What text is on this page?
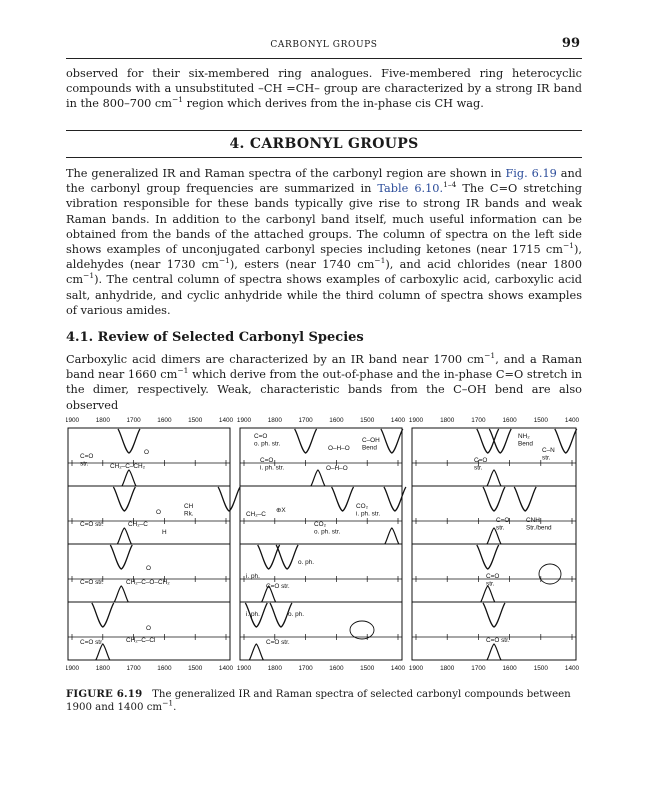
CARBONYL GROUPS	99

observed for their six-membered ring analogues. Five-membered ring heterocyclic compounds with a unsubstituted –CH =CH– group are characterized by a strong IR band in the 800–700 $cm^{-1}$ region which derives from the in-phase cis CH wag.

4. CARBONYL GROUPS

The generalized IR and Raman spectra of the carbonyl region are shown in Fig. 6.19 and the carbonyl group frequencies are summarized in Table 6.10.$^{1-4}$ The C=O stretching vibration responsible for these bands typically give rise to strong IR bands and weak Raman bands. In addition to the carbonyl band itself, much useful information can be obtained from the bands of the attached groups. The column of spectra on the left side shows examples of unconjugated carbonyl species including ketones (near 1715 $cm^{-1}$), aldehydes (near 1730 $cm^{-1}$), esters (near 1740 $cm^{-1}$), and acid chlorides (near 1800 $cm^{-1}$). The central column of spectra shows examples of carboxylic acid, carboxylic acid salt, anhydride, and cyclic anhydride while the third column of spectra shows examples of various amides.

4.1. Review of Selected Carbonyl Species

Carboxylic acid dimers are characterized by an IR band near 1700 $cm^{-1}$, and a Raman band near 1660 $cm^{-1}$ which derive from the out-of-phase and the in-phase C=O stretch in the dimer, respectively. Weak, characteristic bands from the C–OH bend are also observed

1900	1800	1700	1600	1500	1400
1900	1800	1700	1600	1500	1400
1900	1800	1700	1600	1500	1400
1900	1800	1700	1600	1500	1400
1900	1800	1700	1600	1500	1400
1900	1800	1700	1600	1500	1400
C=O
str.
O
CH₂–C–CH₂
CH
Rk.
C=O str.
O
CH₂–C
H
C=O str.
O
CH₂–C–O–CH₂
C=O str.
O
CH₂–C–Cl
C=O
o. ph. str.
C=O
i. ph. str.
C–OH
Bend
O–H–O
O–H–O
CH₂–C
⊕X
CO₂
i. ph. str.
CO₂
o. ph. str.
i. ph.
o. ph.
C=O str.
i. ph.	o. ph.
C=O str.
NH₂
Bend
C–N
str.
C=O
str.
C=O
str.
CNH
Str./bend
C=O
str.
C=O str.

FIGURE 6.19 The generalized IR and Raman spectra of selected carbonyl compounds between 1900 and 1400 $cm^{-1}$.
